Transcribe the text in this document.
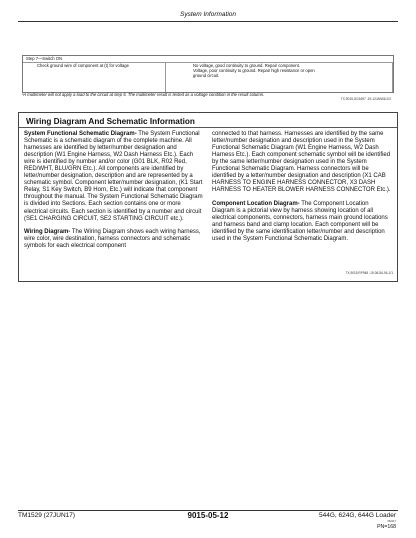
System Information
Step 7—Switch ON
Check ground wire of component at (t) for voltage	No voltage, good continuity to ground. Repair component.
Voltage, poor continuity to ground. Repair high resistance or open
ground circuit.
ᵃA multimeter will not apply a load to the circuit at step 5. The multimeter result is tested as a voltage condition in the result column.
TX,9015,GG1697 -19-12JAN06-2/2
Wiring Diagram And Schematic Information

System Functional Schematic Diagram- The System Functional Schematic is a schematic diagram of the complete machine. All harnesses are identified by letter/number designation and description (W1 Engine Harness, W2 Dash Harness Etc.). Each wire is identified by number and/or color (G01 BLK, R02 Red, RED/WHT, BLU/GRN Etc.). All components are identified by letter/number designation, description and are represented by a schematic symbol. Component letter/number designation, (K1 Start Relay, S1 Key Switch, B9 Horn, Etc.) will indicate that component throughout the manual. The System Functional Schematic Diagram is divided into Sections. Each section contains one or more electrical circuits. Each section is identified by a number and circuit (SE1 CHARGING CIRCUIT, SE2 STARTING CIRCUIT etc.).

Wiring Diagram- The Wiring Diagram shows each wiring harness, wire color, wire destination, harness connectors and schematic symbols for each electrical component

connected to that harness. Harnesses are identified by the same letter/number designation and description used in the System Functional Schematic Diagram (W1 Engine Harness, W2 Dash Harness Etc.). Each component schematic symbol will be identified by the same letter/number designation used in the System Functional Schematic Diagram. Harness connectors will be identified by a letter/number designation and description (X1 CAB HARNESS TO ENGINE HARNESS CONNECTOR, X3 DASH HARNESS TO HEATER BLOWER HARNESS CONNECTOR Etc.).

Component Location Diagram- The Component Location Diagram is a pictorial view by harness showing location of all electrical components, connectors, harness main ground locations and harness band and clamp location. Each component will be identified by the same identification letter/number and description used in the System Functional Schematic Diagram.

TX,9015,RP948 -19-06JUL94-1/1
TM1529 (27JUN17)	9015-05-12	544G, 624G, 644G Loader
062117
PN=168
